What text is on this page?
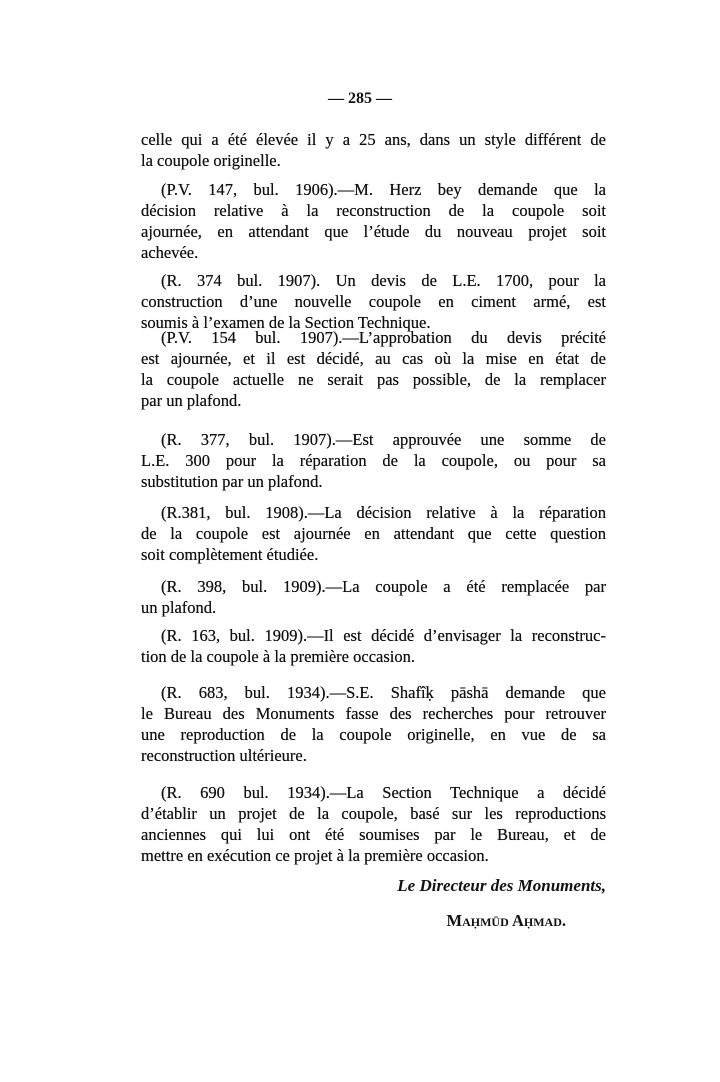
— 285 —
celle qui a été élevée il y a 25 ans, dans un style différent de
la coupole originelle.
(P.V. 147, bul. 1906).—M. Herz bey demande que la
décision relative à la reconstruction de la coupole soit
ajournée, en attendant que l’étude du nouveau projet soit
achevée.
(R. 374 bul. 1907). Un devis de L.E. 1700, pour la
construction d’une nouvelle coupole en ciment armé, est
soumis à l’examen de la Section Technique.
(P.V. 154 bul. 1907).—L’approbation du devis précité
est ajournée, et il est décidé, au cas où la mise en état de
la coupole actuelle ne serait pas possible, de la remplacer
par un plafond.
(R. 377, bul. 1907).—Est approuvée une somme de
L.E. 300 pour la réparation de la coupole, ou pour sa
substitution par un plafond.
(R.381, bul. 1908).—La décision relative à la réparation
de la coupole est ajournée en attendant que cette question
soit complètement étudiée.
(R. 398, bul. 1909).—La coupole a été remplacée par
un plafond.
(R. 163, bul. 1909).—Il est décidé d’envisager la reconstruc-
tion de la coupole à la première occasion.
(R. 683, bul. 1934).—S.E. Shafîḳ pāshā demande que
le Bureau des Monuments fasse des recherches pour retrouver
une reproduction de la coupole originelle, en vue de sa
reconstruction ultérieure.
(R. 690 bul. 1934).—La Section Technique a décidé
d’établir un projet de la coupole, basé sur les reproductions
anciennes qui lui ont été soumises par le Bureau, et de
mettre en exécution ce projet à la première occasion.
Le Directeur des Monuments,
Maḥmūd Aḥmad.
